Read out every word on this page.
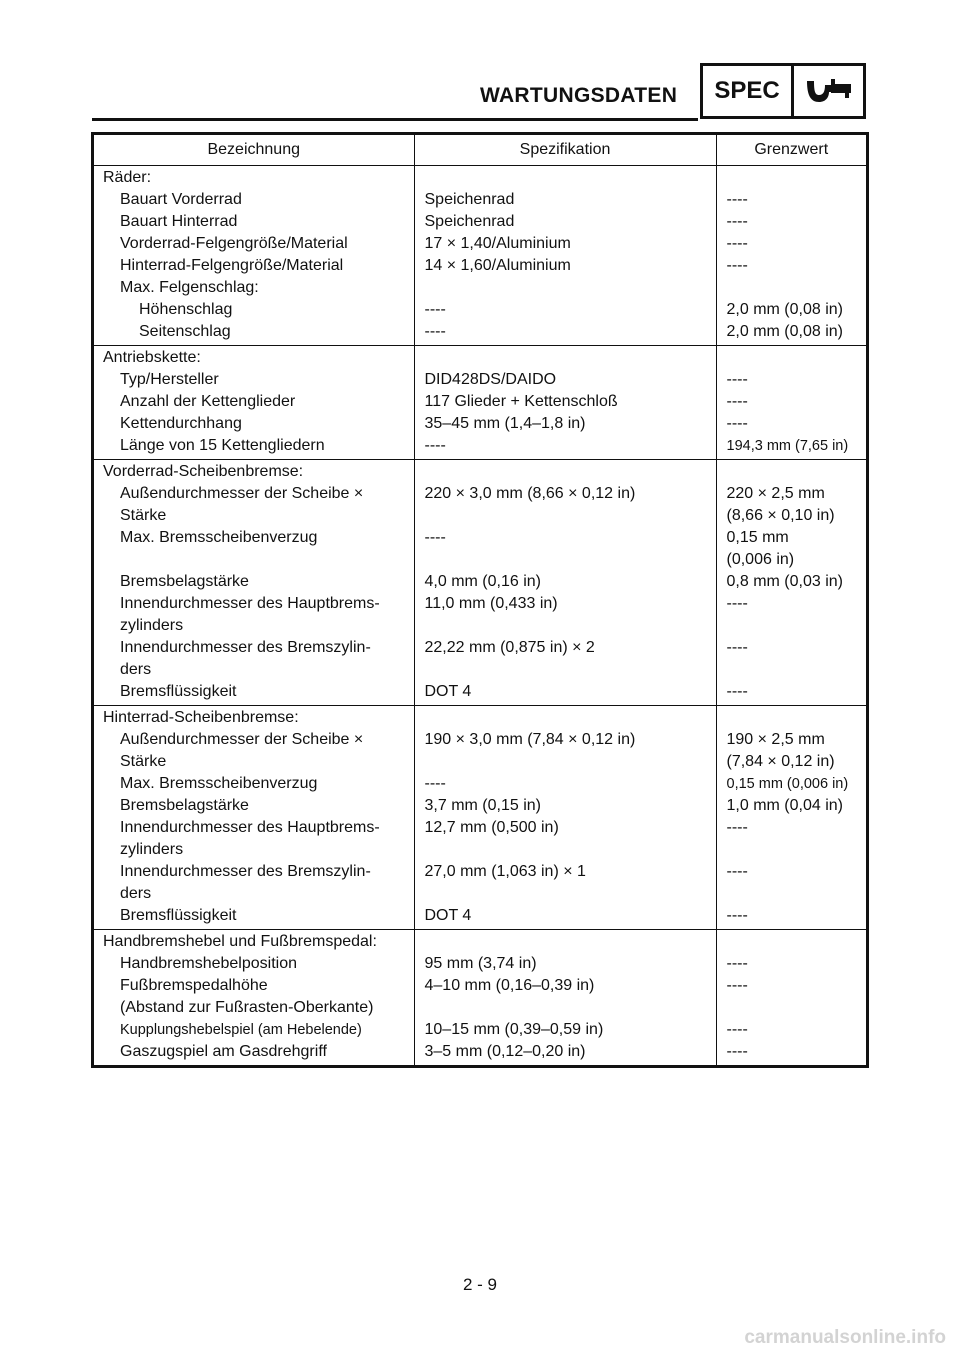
WARTUNGSDATEN	SPEC
Bezeichnung	Spezifikation	Grenzwert
Räder:		
Bauart Vorderrad	Speichenrad	----
Bauart Hinterrad	Speichenrad	----
Vorderrad-Felgengröße/Material	17 × 1,40/Aluminium	----
Hinterrad-Felgengröße/Material	14 × 1,60/Aluminium	----
Max. Felgenschlag:		
Höhenschlag	----	2,0 mm (0,08 in)
Seitenschlag	----	2,0 mm (0,08 in)
Antriebskette:		
Typ/Hersteller	DID428DS/DAIDO	----
Anzahl der Kettenglieder	117 Glieder + Kettenschloß	----
Kettendurchhang	35–45 mm (1,4–1,8 in)	----
Länge von 15 Kettengliedern	----	194,3 mm (7,65 in)
Vorderrad-Scheibenbremse:		
Außendurchmesser der Scheibe ×
Stärke	220 × 3,0 mm (8,66 × 0,12 in)	220 × 2,5 mm
(8,66 × 0,10 in)
Max. Bremsscheibenverzug	----	0,15 mm
(0,006 in)
Bremsbelagstärke	4,0 mm (0,16 in)	0,8 mm (0,03 in)
Innendurchmesser des Hauptbrems-
zylinders	11,0 mm (0,433 in)	----
Innendurchmesser des Bremszylin-
ders	22,22 mm (0,875 in) × 2	----
Bremsflüssigkeit	DOT 4	----
Hinterrad-Scheibenbremse:		
Außendurchmesser der Scheibe ×
Stärke	190 × 3,0 mm (7,84 × 0,12 in)	190 × 2,5 mm
(7,84 × 0,12 in)
Max. Bremsscheibenverzug	----	0,15 mm (0,006 in)
Bremsbelagstärke	3,7 mm (0,15 in)	1,0 mm (0,04 in)
Innendurchmesser des Hauptbrems-
zylinders	12,7 mm (0,500 in)	----
Innendurchmesser des Bremszylin-
ders	27,0 mm (1,063 in) × 1	----
Bremsflüssigkeit	DOT 4	----
Handbremshebel und Fußbremspedal:		
Handbremshebelposition	95 mm (3,74 in)	----
Fußbremspedalhöhe
(Abstand zur Fußrasten-Oberkante)	4–10 mm (0,16–0,39 in)	----
Kupplungshebelspiel (am Hebelende)	10–15 mm (0,39–0,59 in)	----
Gaszugspiel am Gasdrehgriff	3–5 mm (0,12–0,20 in)	----
2 - 9
carmanualsonline.info
